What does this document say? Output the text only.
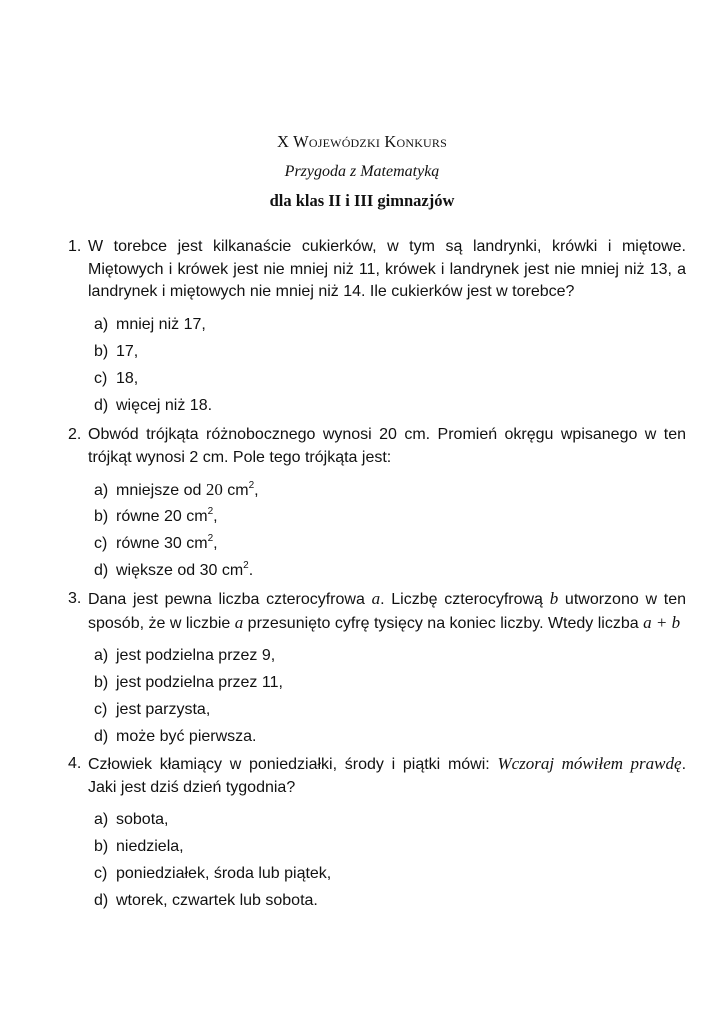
X Wojewódzki Konkurs
Przygoda z Matematyką
dla klas II i III gimnazjów
1. W torebce jest kilkanaście cukierków, w tym są landrynki, krówki i miętowe. Miętowych i krówek jest nie mniej niż 11, krówek i landrynek jest nie mniej niż 13, a landrynek i miętowych nie mniej niż 14. Ile cukierków jest w torebce?
a) mniej niż 17,
b) 17,
c) 18,
d) więcej niż 18.
2. Obwód trójkąta różnobocznego wynosi 20 cm. Promień okręgu wpisanego w ten trójkąt wynosi 2 cm. Pole tego trójkąta jest:
a) mniejsze od 20 $cm^2$,
b) równe 20 $cm^2$,
c) równe 30 $cm^2$,
d) większe od 30 $cm^2$.
3. Dana jest pewna liczba czterocyfrowa a. Liczbę czterocyfrową b utworzono w ten sposób, że w liczbie a przesunięto cyfrę tysięcy na koniec liczby. Wtedy liczba a + b
a) jest podzielna przez 9,
b) jest podzielna przez 11,
c) jest parzysta,
d) może być pierwsza.
4. Człowiek kłamiący w poniedziałki, środy i piątki mówi: Wczoraj mówiłem prawdę. Jaki jest dziś dzień tygodnia?
a) sobota,
b) niedziela,
c) poniedziałek, środa lub piątek,
d) wtorek, czwartek lub sobota.
